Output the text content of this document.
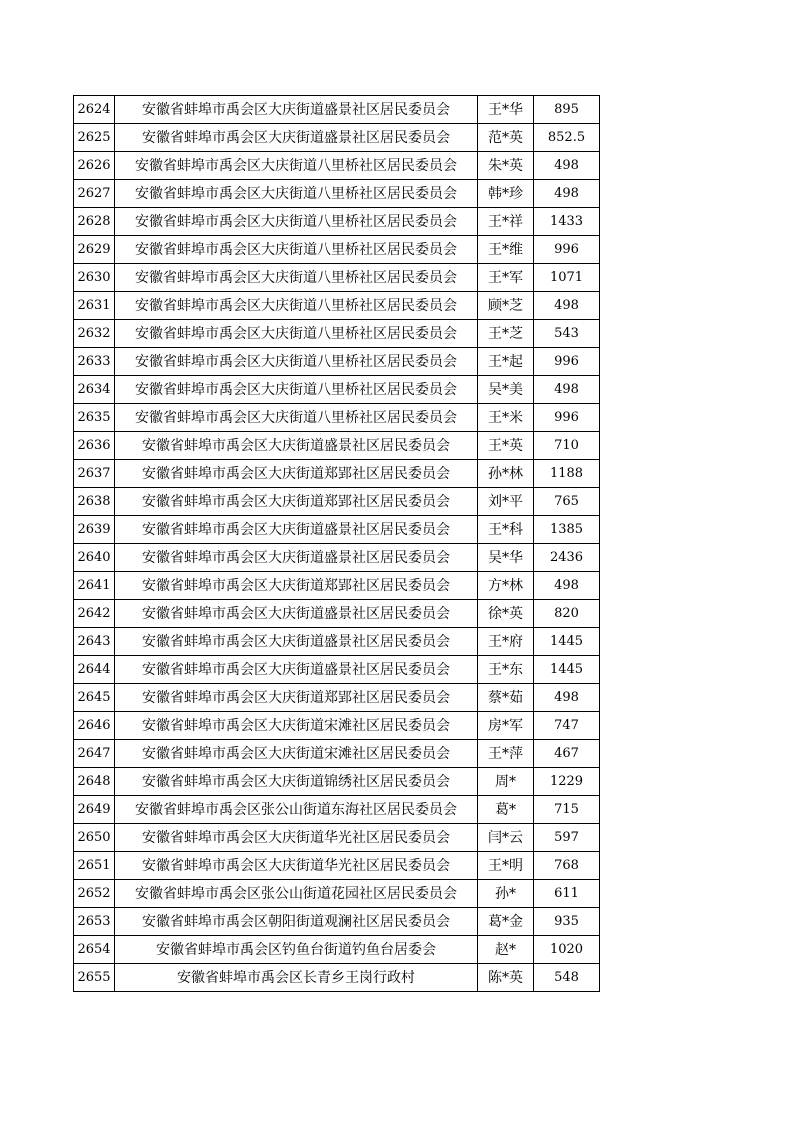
2624	安徽省蚌埠市禹会区大庆街道盛景社区居民委员会	王*华	895
2625	安徽省蚌埠市禹会区大庆街道盛景社区居民委员会	范*英	852.5
2626	安徽省蚌埠市禹会区大庆街道八里桥社区居民委员会	朱*英	498
2627	安徽省蚌埠市禹会区大庆街道八里桥社区居民委员会	韩*珍	498
2628	安徽省蚌埠市禹会区大庆街道八里桥社区居民委员会	王*祥	1433
2629	安徽省蚌埠市禹会区大庆街道八里桥社区居民委员会	王*维	996
2630	安徽省蚌埠市禹会区大庆街道八里桥社区居民委员会	王*军	1071
2631	安徽省蚌埠市禹会区大庆街道八里桥社区居民委员会	顾*芝	498
2632	安徽省蚌埠市禹会区大庆街道八里桥社区居民委员会	王*芝	543
2633	安徽省蚌埠市禹会区大庆街道八里桥社区居民委员会	王*起	996
2634	安徽省蚌埠市禹会区大庆街道八里桥社区居民委员会	吴*美	498
2635	安徽省蚌埠市禹会区大庆街道八里桥社区居民委员会	王*米	996
2636	安徽省蚌埠市禹会区大庆街道盛景社区居民委员会	王*英	710
2637	安徽省蚌埠市禹会区大庆街道郑郢社区居民委员会	孙*林	1188
2638	安徽省蚌埠市禹会区大庆街道郑郢社区居民委员会	刘*平	765
2639	安徽省蚌埠市禹会区大庆街道盛景社区居民委员会	王*科	1385
2640	安徽省蚌埠市禹会区大庆街道盛景社区居民委员会	吴*华	2436
2641	安徽省蚌埠市禹会区大庆街道郑郢社区居民委员会	方*林	498
2642	安徽省蚌埠市禹会区大庆街道盛景社区居民委员会	徐*英	820
2643	安徽省蚌埠市禹会区大庆街道盛景社区居民委员会	王*府	1445
2644	安徽省蚌埠市禹会区大庆街道盛景社区居民委员会	王*东	1445
2645	安徽省蚌埠市禹会区大庆街道郑郢社区居民委员会	蔡*茹	498
2646	安徽省蚌埠市禹会区大庆街道宋滩社区居民委员会	房*军	747
2647	安徽省蚌埠市禹会区大庆街道宋滩社区居民委员会	王*萍	467
2648	安徽省蚌埠市禹会区大庆街道锦绣社区居民委员会	周*	1229
2649	安徽省蚌埠市禹会区张公山街道东海社区居民委员会	葛*	715
2650	安徽省蚌埠市禹会区大庆街道华光社区居民委员会	闫*云	597
2651	安徽省蚌埠市禹会区大庆街道华光社区居民委员会	王*明	768
2652	安徽省蚌埠市禹会区张公山街道花园社区居民委员会	孙*	611
2653	安徽省蚌埠市禹会区朝阳街道观澜社区居民委员会	葛*金	935
2654	安徽省蚌埠市禹会区钓鱼台街道钓鱼台居委会	赵*	1020
2655	安徽省蚌埠市禹会区长青乡王岗行政村	陈*英	548
